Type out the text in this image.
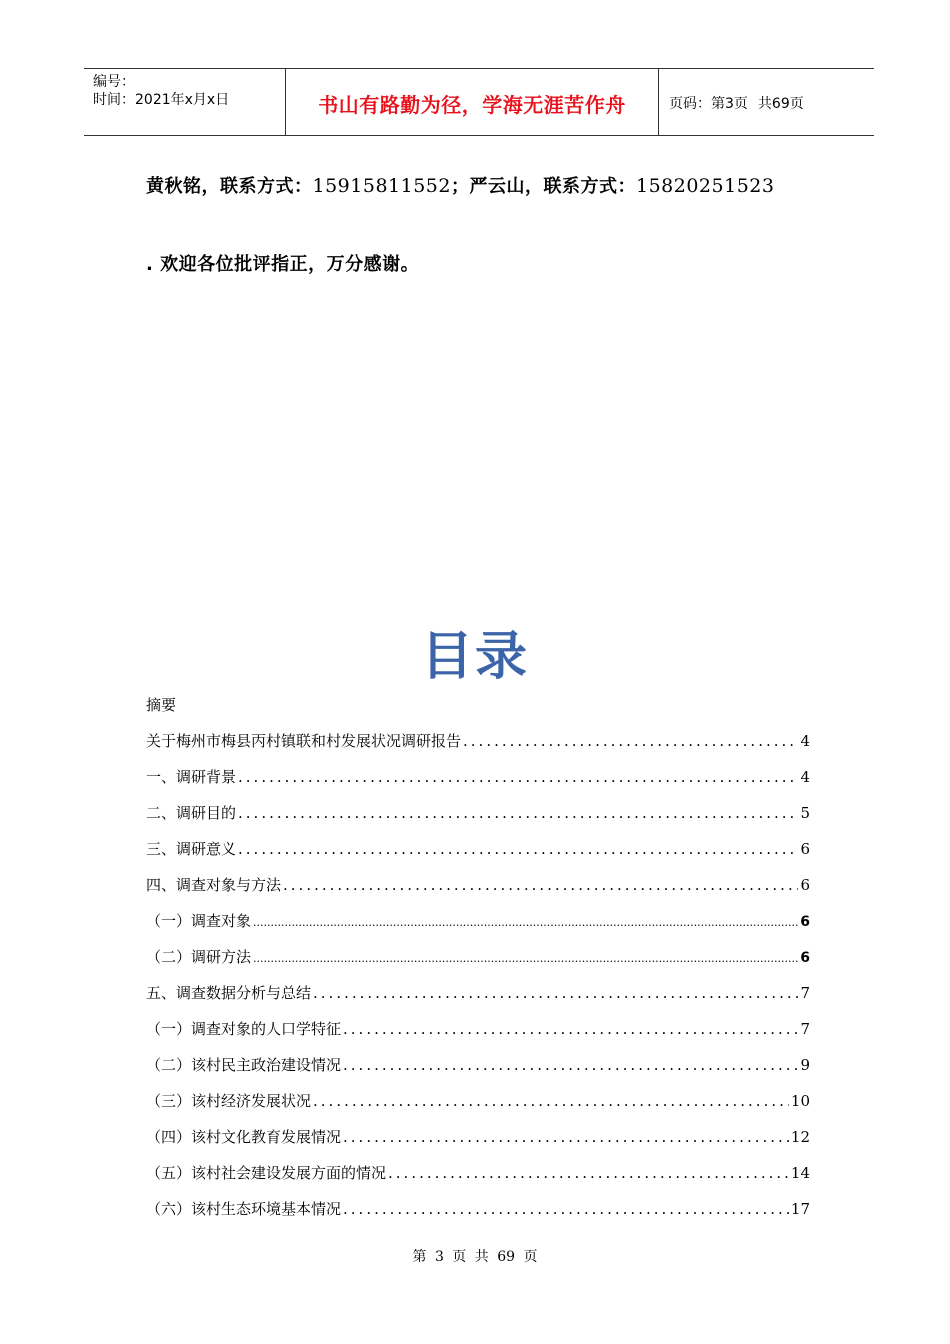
编号：
时间：2021年x月x日	书山有路勤为径，学海无涯苦作舟	页码：第3页 共69页
黄秋铭，联系方式：15915811552；严云山，联系方式：15820251523
. 欢迎各位批评指正，万分感谢。
目录
摘要
关于梅州市梅县丙村镇联和村发展状况调研报告 .....	4
一、调研背景 .....	4
二、调研目的 .....	5
三、调研意义 .....	6
四、调查对象与方法 .....	6
（一）调查对象 .....	6
（二）调研方法 .....	6
五、调查数据分析与总结 .....	7
（一）调查对象的人口学特征 .....	7
（二）该村民主政治建设情况 .....	9
（三）该村经济发展状况 .....	10
（四）该村文化教育发展情况 .....	12
（五）该村社会建设发展方面的情况 .....	14
（六）该村生态环境基本情况 .....	17
第 3 页 共 69 页
